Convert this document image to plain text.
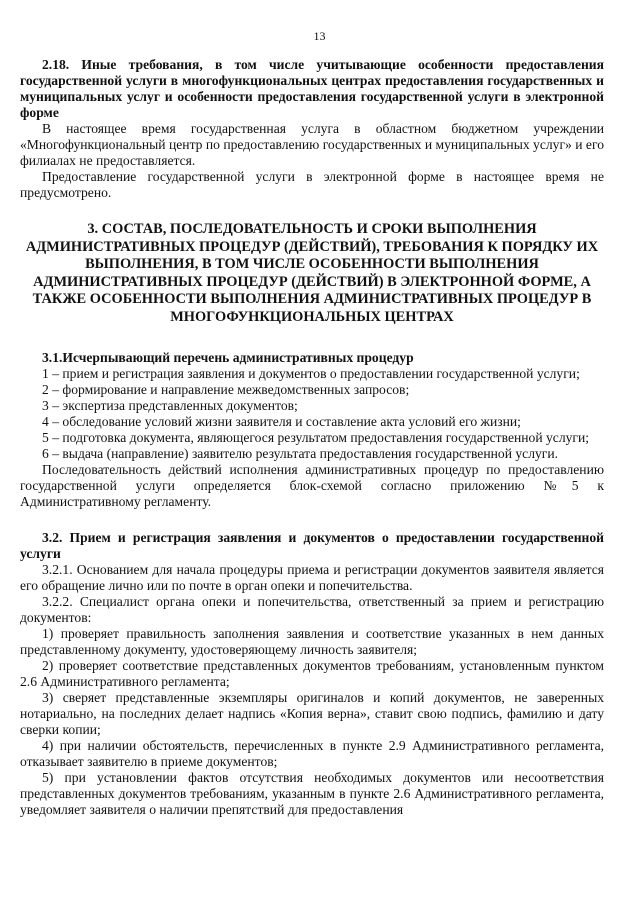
13

2.18. Иные требования, в том числе учитывающие особенности предоставления государственной услуги в многофункциональных центрах предоставления государственных и муниципальных услуг и особенности предоставления государственной услуги в электронной форме

В настоящее время государственная услуга в областном бюджетном учреждении «Многофункциональный центр по предоставлению государственных и муниципальных услуг» и его филиалах не предоставляется.

Предоставление государственной услуги в электронной форме в настоящее время не предусмотрено.

3. СОСТАВ, ПОСЛЕДОВАТЕЛЬНОСТЬ И СРОКИ ВЫПОЛНЕНИЯ АДМИНИСТРАТИВНЫХ ПРОЦЕДУР (ДЕЙСТВИЙ), ТРЕБОВАНИЯ К ПОРЯДКУ ИХ ВЫПОЛНЕНИЯ, В ТОМ ЧИСЛЕ ОСОБЕННОСТИ ВЫПОЛНЕНИЯ АДМИНИСТРАТИВНЫХ ПРОЦЕДУР (ДЕЙСТВИЙ) В ЭЛЕКТРОННОЙ ФОРМЕ, А ТАКЖЕ ОСОБЕННОСТИ ВЫПОЛНЕНИЯ АДМИНИСТРАТИВНЫХ ПРОЦЕДУР В МНОГОФУНКЦИОНАЛЬНЫХ ЦЕНТРАХ

3.1.Исчерпывающий перечень административных процедур

1 – прием и регистрация заявления и документов о предоставлении государственной услуги;

2 – формирование и направление межведомственных запросов;

3 – экспертиза представленных документов;

4 – обследование условий жизни заявителя и составление акта условий его жизни;

5 – подготовка документа, являющегося результатом предоставления государственной услуги;

6 – выдача (направление) заявителю результата предоставления государственной услуги.

Последовательность действий исполнения административных процедур по предоставлению государственной услуги определяется блок-схемой согласно приложению №5 к Административному регламенту.

3.2. Прием и регистрация заявления и документов о предоставлении государственной услуги

3.2.1. Основанием для начала процедуры приема и регистрации документов заявителя является его обращение лично или по почте в орган опеки и попечительства.

3.2.2. Специалист органа опеки и попечительства, ответственный за прием и регистрацию документов:

1) проверяет правильность заполнения заявления и соответствие указанных в нем данных представленному документу, удостоверяющему личность заявителя;

2) проверяет соответствие представленных документов требованиям, установленным пунктом 2.6 Административного регламента;

3) сверяет представленные экземпляры оригиналов и копий документов, не заверенных нотариально, на последних делает надпись «Копия верна», ставит свою подпись, фамилию и дату сверки копии;

4) при наличии обстоятельств, перечисленных в пункте 2.9 Административного регламента, отказывает заявителю в приеме документов;

5) при установлении фактов отсутствия необходимых документов или несоответствия представленных документов требованиям, указанным в пункте 2.6 Административного регламента, уведомляет заявителя о наличии препятствий для предоставления
